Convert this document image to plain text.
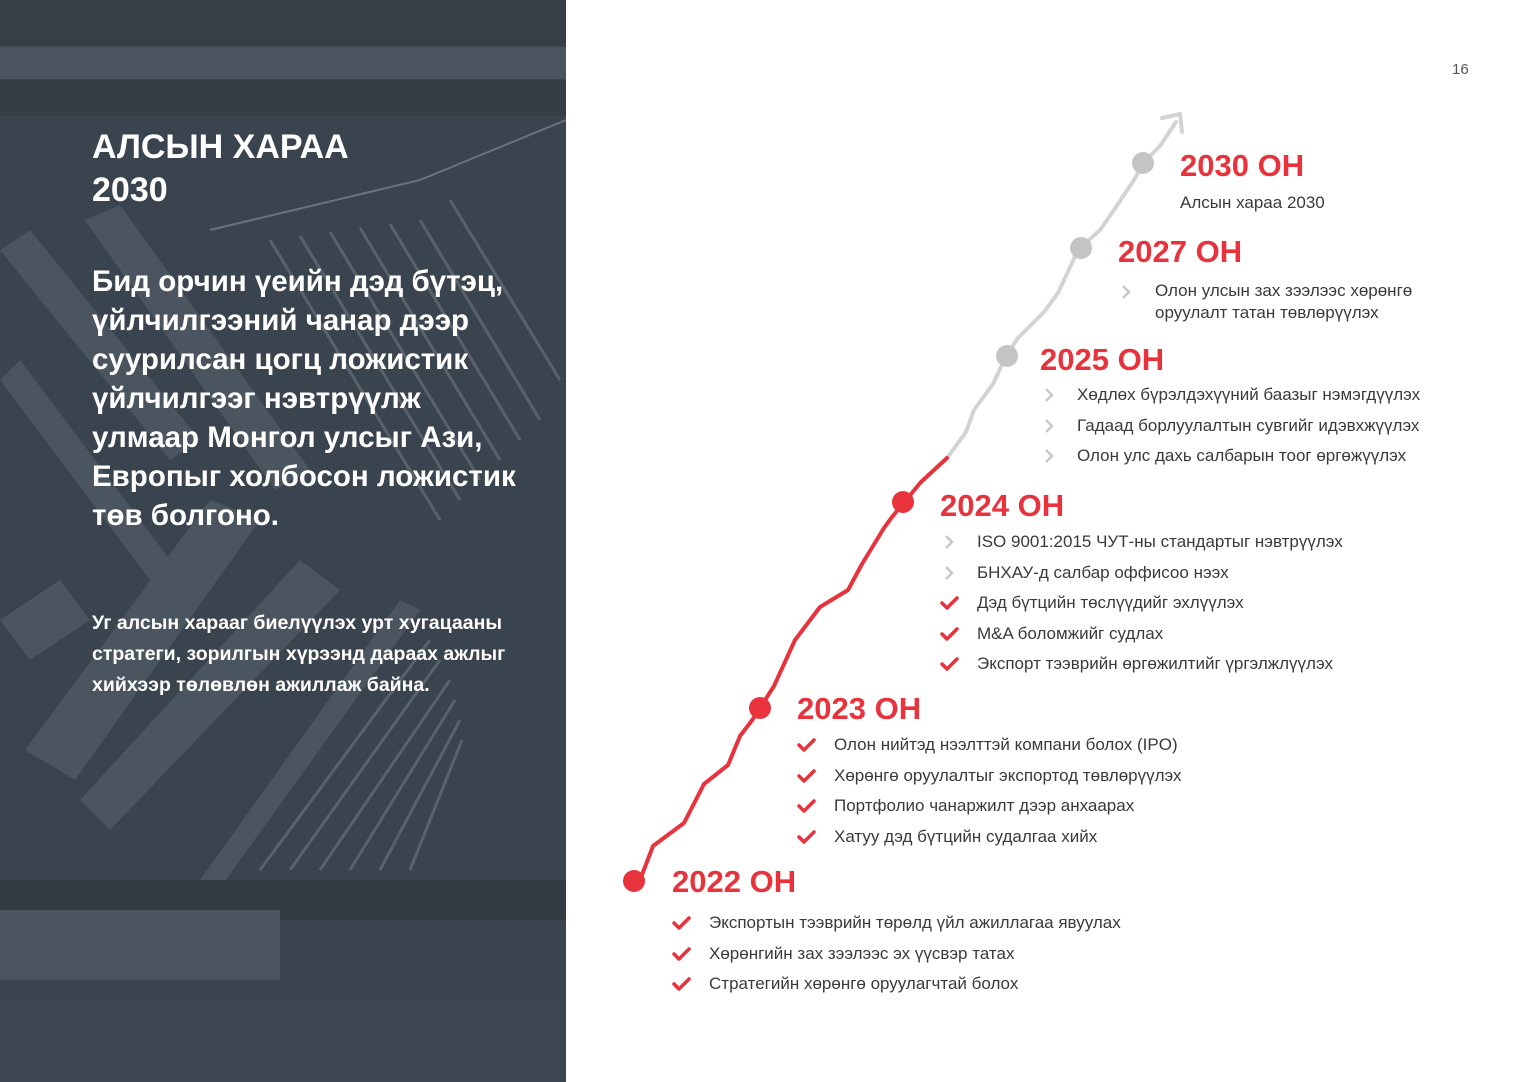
АЛСЫН ХАРАА
2030
Бид орчин үеийн дэд бүтэц, үйлчилгээний чанар дээр суурилсан цогц ложистик үйлчилгээг нэвтрүүлж улмаар Монгол улсыг Ази, Европыг холбосон ложистик төв болгоно.
Уг алсын харааг биелүүлэх урт хугацааны стратеги, зорилгын хүрээнд дараах ажлыг хийхээр төлөвлөн ажиллаж байна.
16
2030 ОН
Алсын хараа 2030
2027 ОН
Олон улсын зах зээлээс хөрөнгө
оруулалт татан төвлөрүүлэх
2025 ОН
Хөдлөх бүрэлдэхүүний баазыг нэмэгдүүлэх
Гадаад борлуулалтын сувгийг идэвхжүүлэх
Олон улс дахь салбарын тоог өргөжүүлэх
2024 ОН
ISO 9001:2015 ЧУТ-ны стандартыг нэвтрүүлэх
БНХАУ-д салбар оффисоо нээх
Дэд бүтцийн төслүүдийг эхлүүлэх
M&A боломжийг судлах
Экспорт тээврийн өргөжилтийг үргэлжлүүлэх
2023 ОН
Олон нийтэд нээлттэй компани болох (IPO)
Хөрөнгө оруулалтыг экспортод төвлөрүүлэх
Портфолио чанаржилт дээр анхаарах
Хатуу дэд бүтцийн судалгаа хийх
2022 ОН
Экспортын тээврийн төрөлд үйл ажиллагаа явуулах
Хөрөнгийн зах зээлээс эх үүсвэр татах
Стратегийн хөрөнгө оруулагчтай болох
